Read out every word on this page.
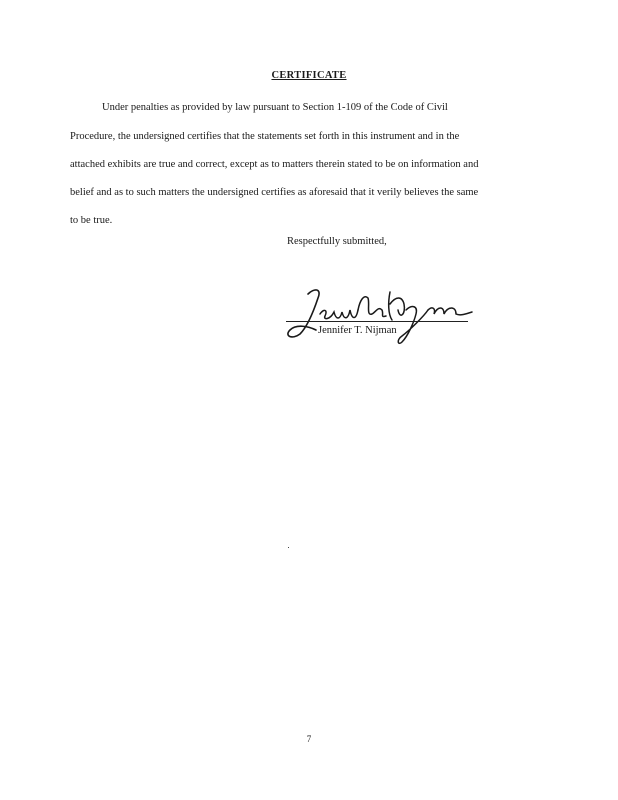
CERTIFICATE
Under penalties as provided by law pursuant to Section 1-109 of the Code of Civil
Procedure, the undersigned certifies that the statements set forth in this instrument and in the
attached exhibits are true and correct, except as to matters therein stated to be on information and
belief and as to such matters the undersigned certifies as aforesaid that it verily believes the same
to be true.
Respectfully submitted,
Jennifer T. Nijman
7
